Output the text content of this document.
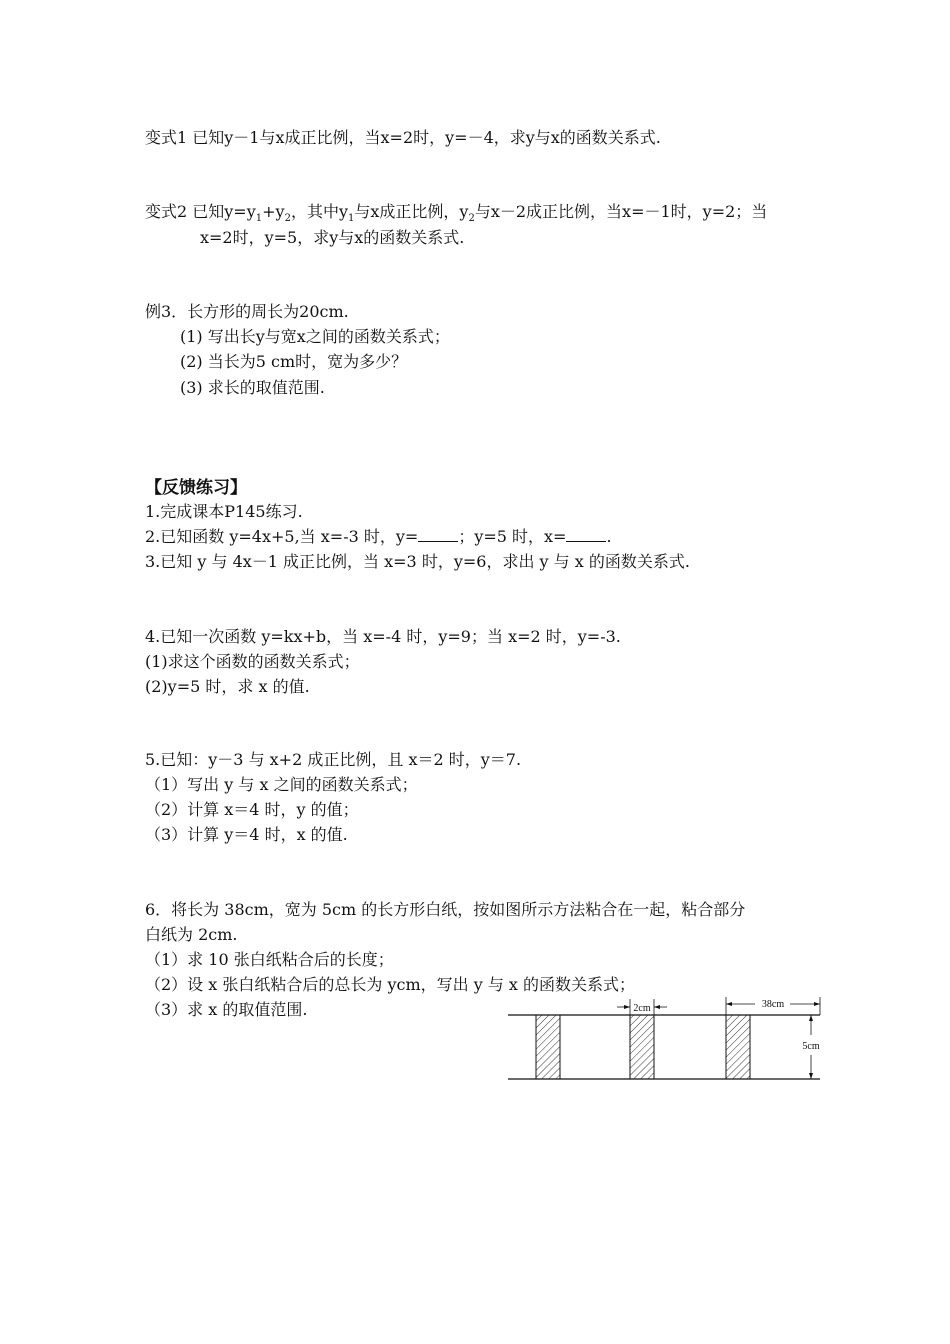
变式1 已知y－1与x成正比例，当x=2时，y=－4，求y与x的函数关系式.
变式2 已知$y=y_1+y_2$，其中$y_1$与x成正比例，$y_2$与x－2成正比例，当x=－1时，y=2；当
x=2时，y=5，求y与x的函数关系式.
例3．长方形的周长为20cm.
(1) 写出长y与宽x之间的函数关系式；
(2) 当长为5 cm时，宽为多少？
(3) 求长的取值范围.
【反馈练习】
1.完成课本P145练习.
2.已知函数 y=4x+5,当 x=-3 时，y=	；y=5 时，x=	.
3.已知 y 与 4x－1 成正比例，当 x=3 时，y=6，求出 y 与 x 的函数关系式.
4.已知一次函数 y=kx+b，当 x=-4 时，y=9；当 x=2 时，y=-3.
(1)求这个函数的函数关系式；
(2)y=5 时，求 x 的值.
5.已知：y－3 与 x+2 成正比例，且 x＝2 时，y＝7.
（1）写出 y 与 x 之间的函数关系式；
（2）计算 x＝4 时，y 的值；
（3）计算 y＝4 时，x 的值.
6．将长为 38cm，宽为 5cm 的长方形白纸，按如图所示方法粘合在一起，粘合部分
白纸为 2cm.
（1）求 10 张白纸粘合后的长度；
（2）设 x 张白纸粘合后的总长为 ycm，写出 y 与 x 的函数关系式；
（3）求 x 的取值范围.	2cm	38cm
5cm
